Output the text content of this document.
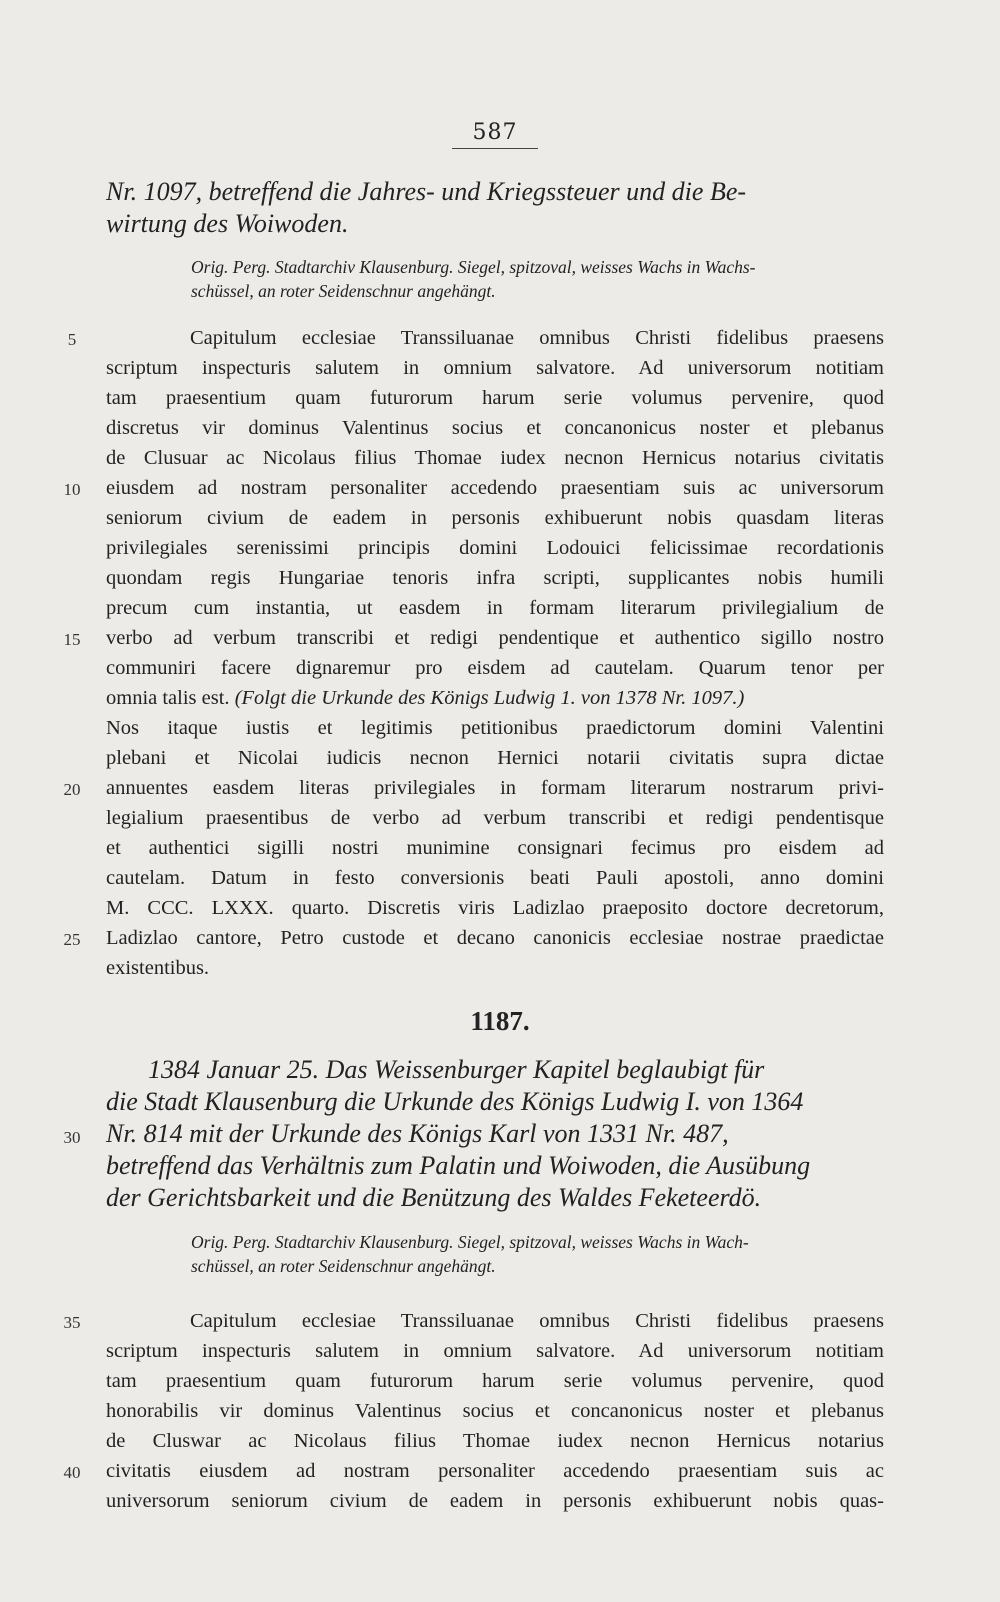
587

Nr. 1097, betreffend die Jahres- und Kriegssteuer und die Be-

wirtung des Woiwoden.

Orig. Perg. Stadtarchiv Klausenburg. Siegel, spitzoval, weisses Wachs in Wachs-

schüssel, an roter Seidenschnur angehängt.

Capitulum ecclesiae Transsiluanae omnibus Christi fidelibus praesens
scriptum inspecturis salutem in omnium salvatore. Ad universorum notitiam
tam praesentium quam futurorum harum serie volumus pervenire, quod
discretus vir dominus Valentinus socius et concanonicus noster et plebanus
de Clusuar ac Nicolaus filius Thomae iudex necnon Hernicus notarius civitatis
eiusdem ad nostram personaliter accedendo praesentiam suis ac universorum
seniorum civium de eadem in personis exhibuerunt nobis quasdam literas
privilegiales serenissimi principis domini Lodouici felicissimae recordationis
quondam regis Hungariae tenoris infra scripti, supplicantes nobis humili
precum cum instantia, ut easdem in formam literarum privilegialium de
verbo ad verbum transcribi et redigi pendentique et authentico sigillo nostro
communiri facere dignaremur pro eisdem ad cautelam. Quarum tenor per
omnia talis est. (Folgt die Urkunde des Königs Ludwig 1. von 1378 Nr. 1097.)
Nos itaque iustis et legitimis petitionibus praedictorum domini Valentini
plebani et Nicolai iudicis necnon Hernici notarii civitatis supra dictae
annuentes easdem literas privilegiales in formam literarum nostrarum privi-
legialium praesentibus de verbo ad verbum transcribi et redigi pendentisque
et authentici sigilli nostri munimine consignari fecimus pro eisdem ad
cautelam. Datum in festo conversionis beati Pauli apostoli, anno domini
M. CCC. LXXX. quarto. Discretis viris Ladizlao praeposito doctore decretorum,
Ladizlao cantore, Petro custode et decano canonicis ecclesiae nostrae praedictae
existentibus.
1187.

1384 Januar 25. Das Weissenburger Kapitel beglaubigt für

die Stadt Klausenburg die Urkunde des Königs Ludwig I. von 1364

Nr. 814 mit der Urkunde des Königs Karl von 1331 Nr. 487,

betreffend das Verhältnis zum Palatin und Woiwoden, die Ausübung

der Gerichtsbarkeit und die Benützung des Waldes Feketeerdö.

Orig. Perg. Stadtarchiv Klausenburg. Siegel, spitzoval, weisses Wachs in Wach-

schüssel, an roter Seidenschnur angehängt.

Capitulum ecclesiae Transsiluanae omnibus Christi fidelibus praesens
scriptum inspecturis salutem in omnium salvatore. Ad universorum notitiam
tam praesentium quam futurorum harum serie volumus pervenire, quod
honorabilis vir dominus Valentinus socius et concanonicus noster et plebanus
de Cluswar ac Nicolaus filius Thomae iudex necnon Hernicus notarius
civitatis eiusdem ad nostram personaliter accedendo praesentiam suis ac
universorum seniorum civium de eadem in personis exhibuerunt nobis quas-
5
10
15
20
25
30
35
40
